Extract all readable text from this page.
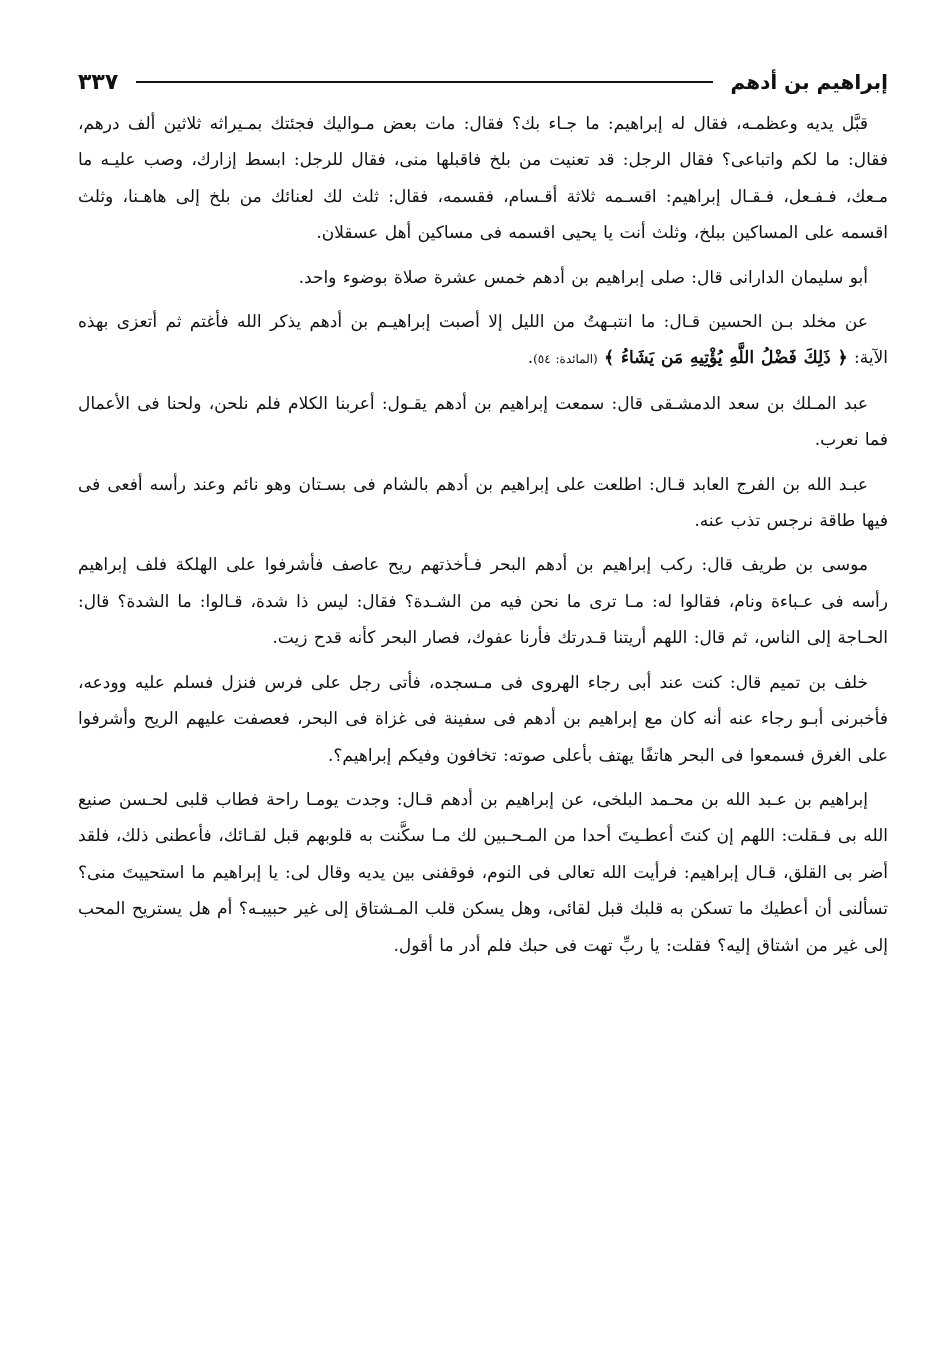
إبراهيم بن أدهم
٣٣٧

قبَّل يديه وعظمـه، فقال له إبراهيم: ما جـاء بك؟ فقال: مات بعض مـواليك فجئتك بمـيراثه ثلاثين ألف درهم، فقال: ما لكم واتباعى؟ فقال الرجل: قد تعنيت من بلخ فاقبلها منى، فقال للرجل: ابسط إزارك، وصب عليـه ما مـعك، فـفـعل، فـقـال إبراهيم: اقسـمه ثلاثة أقـسام، فقسمه، فقال: ثلث لك لعنائك من بلخ إلى هاهـنا، وثلث اقسمه على المساكين ببلخ، وثلث أنت يا يحيى اقسمه فى مساكين أهل عسقلان.

أبو سليمان الدارانى قال: صلى إبراهيم بن أدهم خمس عشرة صلاة بوضوء واحد.

عن مخلد بـن الحسين قـال: ما انتبـهتُ من الليل إلا أصبت إبراهيـم بن أدهم يذكر الله فأغتم ثم أتعزى بهذه الآية: ﴿ ذَلِكَ فَضْلُ اللَّهِ يُؤْتِيهِ مَن يَشَاءُ ﴾ (المائدة: ٥٤).

عبد المـلك بن سعد الدمشـقى قال: سمعت إبراهيم بن أدهم يقـول: أعربنا الكلام فلم نلحن، ولحنا فى الأعمال فما نعرب.

عبـد الله بن الفرج العابد قـال: اطلعت على إبراهيم بن أدهم بالشام فى بسـتان وهو نائم وعند رأسه أفعى فى فيها طاقة نرجس تذب عنه.

موسى بن طريف قال: ركب إبراهيم بن أدهم البحر فـأخذتهم ريح عاصف فأشرفوا على الهلكة فلف إبراهيم رأسه فى عـباءة ونام، فقالوا له: مـا ترى ما نحن فيه من الشـدة؟ فقال: ليس ذا شدة، قـالوا: ما الشدة؟ قال: الحـاجة إلى الناس، ثم قال: اللهم أريتنا قـدرتك فأرنا عفوك، فصار البحر كأنه قدح زيت.

خلف بن تميم قال: كنت عند أبى رجاء الهروى فى مـسجده، فأتى رجل على فرس فنزل فسلم عليه وودعه، فأخبرنى أبـو رجاء عنه أنه كان مع إبراهيم بن أدهم فى سفينة فى غزاة فى البحر، فعصفت عليهم الريح وأشرفوا على الغرق فسمعوا فى البحر هاتفًا يهتف بأعلى صوته: تخافون وفيكم إبراهيم؟.

إبراهيم بن عـبد الله بن محـمد البلخى، عن إبراهيم بن أدهم قـال: وجدت يومـا راحة فطاب قلبى لحـسن صنيع الله بى فـقلت: اللهم إن كنتَ أعطـيتَ أحدا من المـحـبين لك مـا سكَّنت به قلوبهم قبل لقـائك، فأعطنى ذلك، فلقد أضر بى القلق، قـال إبراهيم: فرأيت الله تعالى فى النوم، فوقفنى بين يديه وقال لى: يا إبراهيم ما استحييتَ منى؟ تسألنى أن أعطيك ما تسكن به قلبك قبل لقائى، وهل يسكن قلب المـشتاق إلى غير حبيبـه؟ أم هل يستريح المحب إلى غير من اشتاق إليه؟ فقلت: يا ربِّ تهت فى حبك فلم أدر ما أقول.
